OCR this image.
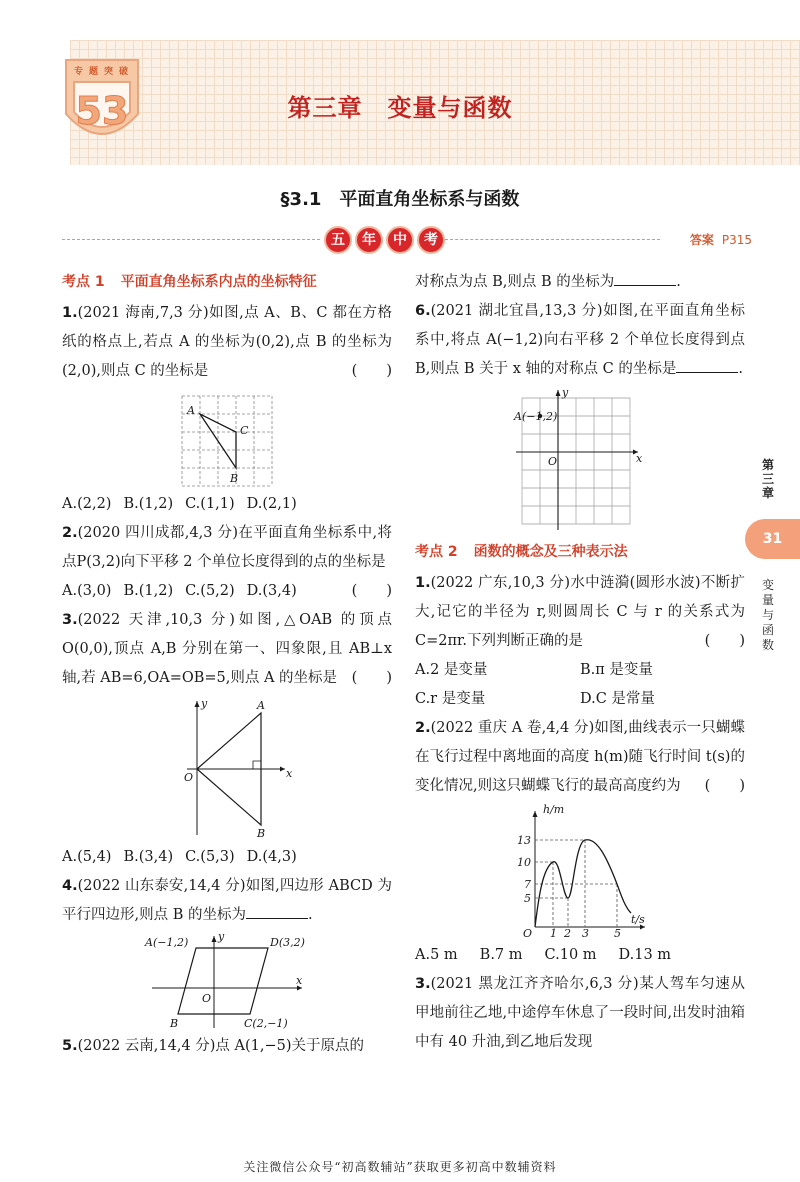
专 题 突 破
53	第三章　变量与函数
§3.1　平面直角坐标系与函数
五	年	中	考	答案 P315
考点 1 平面直角坐标系内点的坐标特征

1.(2021 海南,7,3 分)如图,点 A、B、C 都在方格纸的格点上,若点 A 的坐标为(0,2),点 B 的坐标为(2,0),则点 C 的坐标是	(　　)

A
C
B
A.(2,2) B.(1,2) C.(1,1) D.(2,1)

2.(2020 四川成都,4,3 分)在平面直角坐标系中,将点P(3,2)向下平移 2 个单位长度得到的点的坐标是
(　　)

A.(3,0) B.(1,2) C.(5,2) D.(3,4)

3.(2022 天津,10,3 分)如图,△OAB 的顶点 O(0,0),顶点 A,B 分别在第一、四象限,且 AB⊥x 轴,若 AB=6,OA=OB=5,则点 A 的坐标是 (　　)

y
x
O
A
B
A.(5,4) B.(3,4) C.(5,3) D.(4,3)

4.(2022 山东泰安,14,4 分)如图,四边形 ABCD 为平行四边形,则点 B 的坐标为	.

A(−1,2)	D(3,2)
B	C(2,−1)
O
y
x

5.(2022 云南,14,4 分)点 A(1,−5)关于原点的

对称点为点 B,则点 B 的坐标为	.

6.(2021 湖北宜昌,13,3 分)如图,在平面直角坐标系中,将点 A(−1,2)向右平移 2 个单位长度得到点 B,则点 B 关于 x 轴的对称点 C 的坐标是	.

A(−1,2)
O	x
y
考点 2 函数的概念及三种表示法

1.(2022 广东,10,3 分)水中涟漪(圆形水波)不断扩大,记它的半径为 r,则圆周长 C 与 r 的关系式为 C=2πr.下列判断正确的是	(　　)

A.2 是变量	B.π 是变量
C.r 是变量	D.C 是常量

2.(2022 重庆 A 卷,4,4 分)如图,曲线表示一只蝴蝶在飞行过程中离地面的高度 h(m)随飞行时间 t(s)的变化情况,则这只蝴蝶飞行的最高高度约为 (　　)

h/m
t/s
O
13
10
7
5
1 2 3 5
A.5 m B.7 m C.10 m D.13 m

3.(2021 黑龙江齐齐哈尔,6,3 分)某人驾车匀速从甲地前往乙地,中途停车休息了一段时间,出发时油箱中有 40 升油,到乙地后发现

第三章
31
变量与函数
关注微信公众号“初高数辅站”获取更多初高中数辅资料
